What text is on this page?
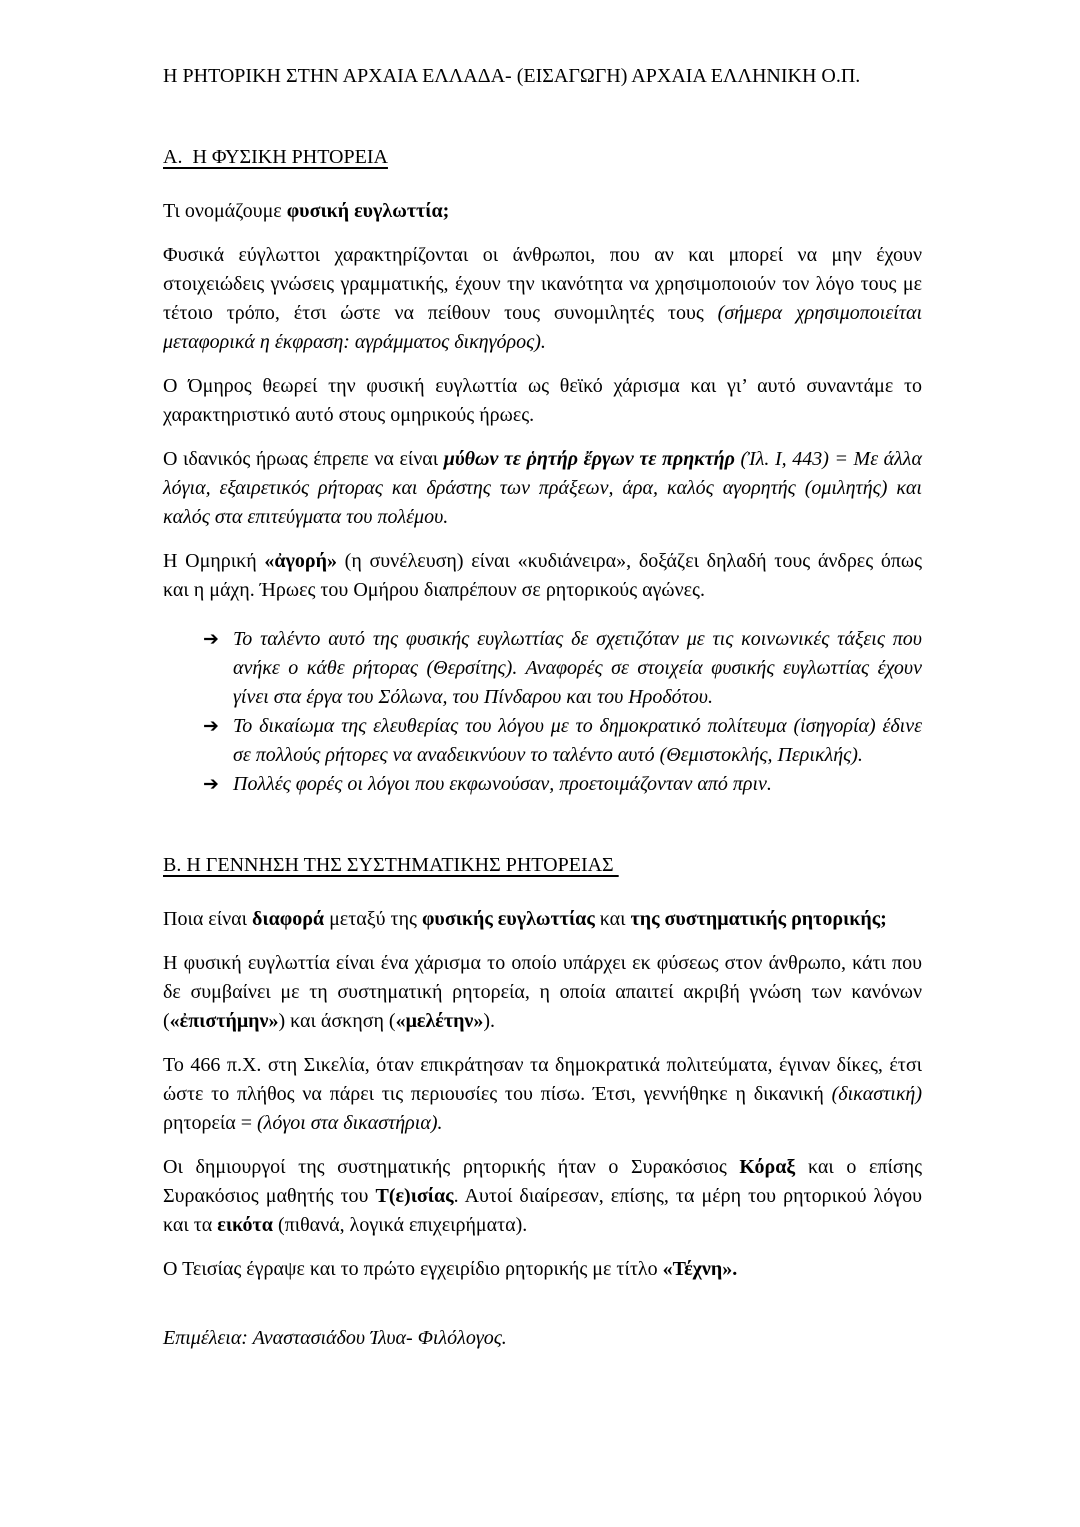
Η ΡΗΤΟΡΙΚΗ ΣΤΗΝ ΑΡΧΑΙΑ ΕΛΛΑΔΑ- (ΕΙΣΑΓΩΓΗ) ΑΡΧΑΙΑ ΕΛΛΗΝΙΚΗ Ο.Π.
Α.  Η ΦΥΣΙΚΗ ΡΗΤΟΡΕΙΑ

Τι ονομάζουμε φυσική ευγλωττία;

Φυσικά εύγλωττοι χαρακτηρίζονται οι άνθρωποι, που αν και μπορεί να μην έχουν στοιχειώδεις γνώσεις γραμματικής, έχουν την ικανότητα να χρησιμοποιούν τον λόγο τους με τέτοιο τρόπο, έτσι ώστε να πείθουν τους συνομιλητές τους (σήμερα χρησιμοποιείται μεταφορικά η έκφραση: αγράμματος δικηγόρος).

Ο Όμηρος θεωρεί την φυσική ευγλωττία ως θεϊκό χάρισμα και γι’ αυτό συναντάμε το χαρακτηριστικό αυτό στους ομηρικούς ήρωες.

Ο ιδανικός ήρωας έπρεπε να είναι μύθων τε ῥητήρ ἔργων τε πρηκτήρ (Ἰλ. Ι, 443) = Με άλλα λόγια, εξαιρετικός ρήτορας και δράστης των πράξεων, άρα, καλός αγορητής (ομιλητής) και καλός στα επιτεύγματα του πολέμου.

Η Ομηρική «ἀγορή» (η συνέλευση) είναι «κυδιάνειρα», δοξάζει δηλαδή τους άνδρες όπως και η μάχη. Ήρωες του Ομήρου διαπρέπουν σε ρητορικούς αγώνες.

➔ Το ταλέντο αυτό της φυσικής ευγλωττίας δε σχετιζόταν με τις κοινωνικές τάξεις που ανήκε ο κάθε ρήτορας (Θερσίτης). Αναφορές σε στοιχεία φυσικής ευγλωττίας έχουν γίνει στα έργα του Σόλωνα, του Πίνδαρου και του Ηροδότου.
➔ Το δικαίωμα της ελευθερίας του λόγου με το δημοκρατικό πολίτευμα (ἰσηγορία) έδινε σε πολλούς ρήτορες να αναδεικνύουν το ταλέντο αυτό (Θεμιστοκλής, Περικλής).
➔ Πολλές φορές οι λόγοι που εκφωνούσαν, προετοιμάζονταν από πριν.
Β. Η ΓΕΝΝΗΣΗ ΤΗΣ ΣΥΣΤΗΜΑΤΙΚΗΣ ΡΗΤΟΡΕΙΑΣ

Ποια είναι διαφορά μεταξύ της φυσικής ευγλωττίας και της συστηματικής ρητορικής;

Η φυσική ευγλωττία είναι ένα χάρισμα το οποίο υπάρχει εκ φύσεως στον άνθρωπο, κάτι που δε συμβαίνει με τη συστηματική ρητορεία, η οποία απαιτεί ακριβή γνώση των κανόνων («ἐπιστήμην») και άσκηση («μελέτην»).

Το 466 π.Χ. στη Σικελία, όταν επικράτησαν τα δημοκρατικά πολιτεύματα, έγιναν δίκες, έτσι ώστε το πλήθος να πάρει τις περιουσίες του πίσω. Έτσι, γεννήθηκε η δικανική (δικαστική) ρητορεία = (λόγοι στα δικαστήρια).

Οι δημιουργοί της συστηματικής ρητορικής ήταν ο Συρακόσιος Κόραξ και ο επίσης Συρακόσιος μαθητής του Τ(ε)ισίας. Αυτοί διαίρεσαν, επίσης, τα μέρη του ρητορικού λόγου και τα εικότα (πιθανά, λογικά επιχειρήματα).

Ο Τεισίας έγραψε και το πρώτο εγχειρίδιο ρητορικής με τίτλο «Τέχνη».

Επιμέλεια: Αναστασιάδου Ίλυα- Φιλόλογος.
